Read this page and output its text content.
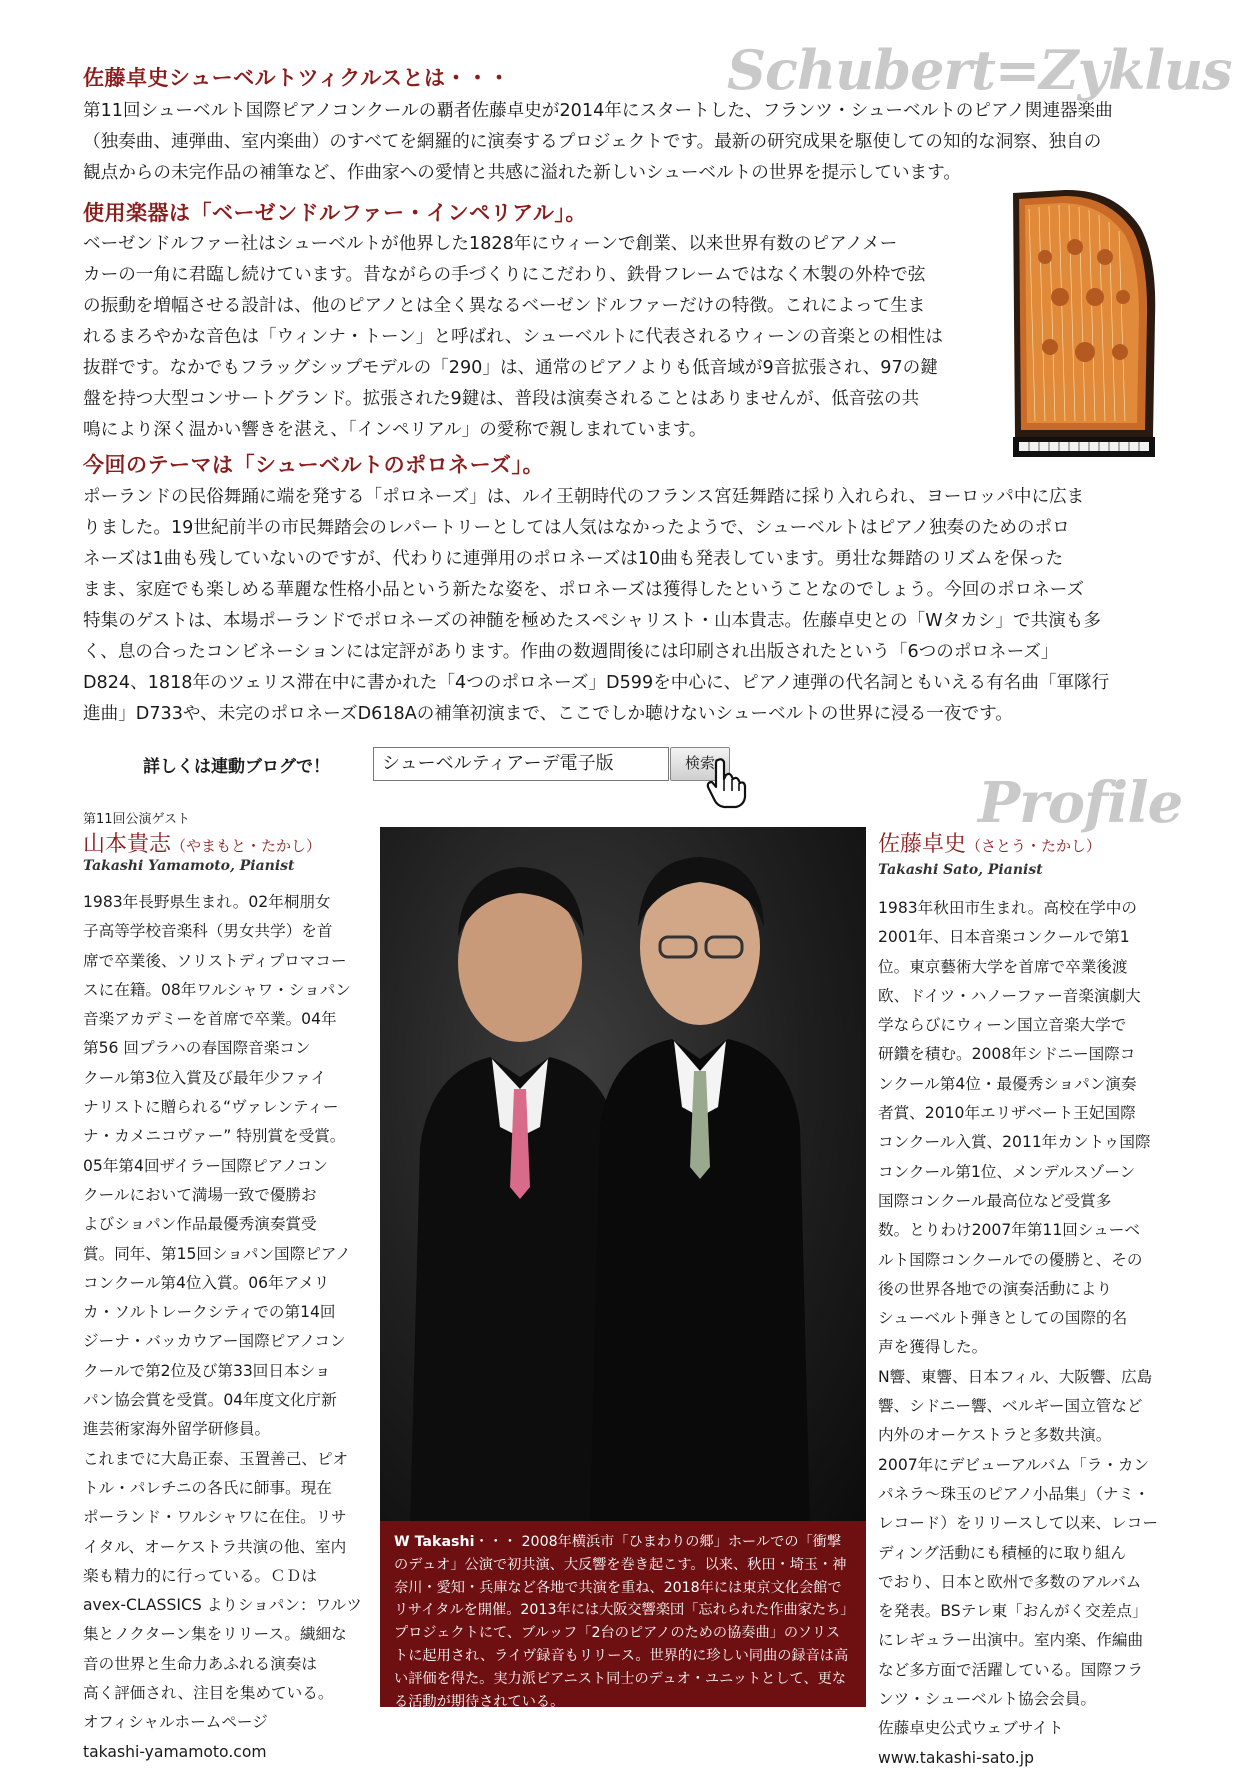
Schubert=Zyklus
Profile
佐藤卓史シューベルトツィクルスとは・・・
第11回シューベルト国際ピアノコンクールの覇者佐藤卓史が2014年にスタートした、フランツ・シューベルトのピアノ関連器楽曲
（独奏曲、連弾曲、室内楽曲）のすべてを網羅的に演奏するプロジェクトです。最新の研究成果を駆使しての知的な洞察、独自の
観点からの未完作品の補筆など、作曲家への愛情と共感に溢れた新しいシューベルトの世界を提示しています。
使用楽器は「ベーゼンドルファー・インペリアル」。
ベーゼンドルファー社はシューベルトが他界した1828年にウィーンで創業、以来世界有数のピアノメー
カーの一角に君臨し続けています。昔ながらの手づくりにこだわり、鉄骨フレームではなく木製の外枠で弦
の振動を増幅させる設計は、他のピアノとは全く異なるベーゼンドルファーだけの特徴。これによって生ま
れるまろやかな音色は「ウィンナ・トーン」と呼ばれ、シューベルトに代表されるウィーンの音楽との相性は
抜群です。なかでもフラッグシップモデルの「290」は、通常のピアノよりも低音域が9音拡張され、97の鍵
盤を持つ大型コンサートグランド。拡張された9鍵は、普段は演奏されることはありませんが、低音弦の共
鳴により深く温かい響きを湛え、「インペリアル」の愛称で親しまれています。
今回のテーマは「シューベルトのポロネーズ」。
ポーランドの民俗舞踊に端を発する「ポロネーズ」は、ルイ王朝時代のフランス宮廷舞踏に採り入れられ、ヨーロッパ中に広ま
りました。19世紀前半の市民舞踏会のレパートリーとしては人気はなかったようで、シューベルトはピアノ独奏のためのポロ
ネーズは1曲も残していないのですが、代わりに連弾用のポロネーズは10曲も発表しています。勇壮な舞踏のリズムを保った
まま、家庭でも楽しめる華麗な性格小品という新たな姿を、ポロネーズは獲得したということなのでしょう。今回のポロネーズ
特集のゲストは、本場ポーランドでポロネーズの神髄を極めたスペシャリスト・山本貴志。佐藤卓史との「Wタカシ」で共演も多
く、息の合ったコンビネーションには定評があります。作曲の数週間後には印刷され出版されたという「6つのポロネーズ」
D824、1818年のツェリス滞在中に書かれた「4つのポロネーズ」D599を中心に、ピアノ連弾の代名詞ともいえる有名曲「軍隊行
進曲」D733や、未完のポロネーズD618Aの補筆初演まで、ここでしか聴けないシューベルトの世界に浸る一夜です。
詳しくは連動ブログで！	シューベルティアーデ電子版	検索
第11回公演ゲスト
山本貴志（やまもと・たかし）
Takashi Yamamoto, Pianist
1983年長野県生まれ。02年桐朋女
子高等学校音楽科（男女共学）を首
席で卒業後、ソリストディプロマコー
スに在籍。08年ワルシャワ・ショパン
音楽アカデミーを首席で卒業。04年
第56 回プラハの春国際音楽コン
クール第3位入賞及び最年少ファイ
ナリストに贈られる“ヴァレンティー
ナ・カメニコヴァー” 特別賞を受賞。
05年第4回ザイラー国際ピアノコン
クールにおいて満場一致で優勝お
よびショパン作品最優秀演奏賞受
賞。同年、第15回ショパン国際ピアノ
コンクール第4位入賞。06年アメリ
カ・ソルトレークシティでの第14回
ジーナ・バッカウアー国際ピアノコン
クールで第2位及び第33回日本ショ
パン協会賞を受賞。04年度文化庁新
進芸術家海外留学研修員。
これまでに大島正泰、玉置善己、ピオ
トル・パレチニの各氏に師事。現在
ポーランド・ワルシャワに在住。リサ
イタル、オーケストラ共演の他、室内
楽も精力的に行っている。ＣＤは
avex-CLASSICS よりショパン：ワルツ
集とノクターン集をリリース。繊細な
音の世界と生命力あふれる演奏は
高く評価され、注目を集めている。
オフィシャルホームページ
takashi-yamamoto.com
W Takashi・・・ 2008年横浜市「ひまわりの郷」ホールでの「衝撃のデュオ」公演で初共演、大反響を巻き起こす。以来、秋田・埼玉・神奈川・愛知・兵庫など各地で共演を重ね、2018年には東京文化会館でリサイタルを開催。2013年には大阪交響楽団「忘れられた作曲家たち」プロジェクトにて、ブルッフ「2台のピアノのための協奏曲」のソリストに起用され、ライヴ録音もリリース。世界的に珍しい同曲の録音は高い評価を得た。実力派ピアニスト同士のデュオ・ユニットとして、更なる活動が期待されている。
佐藤卓史（さとう・たかし）
Takashi Sato, Pianist
1983年秋田市生まれ。高校在学中の
2001年、日本音楽コンクールで第1
位。東京藝術大学を首席で卒業後渡
欧、ドイツ・ハノーファー音楽演劇大
学ならびにウィーン国立音楽大学で
研鑽を積む。2008年シドニー国際コ
ンクール第4位・最優秀ショパン演奏
者賞、2010年エリザベート王妃国際
コンクール入賞、2011年カントゥ国際
コンクール第1位、メンデルスゾーン
国際コンクール最高位など受賞多
数。とりわけ2007年第11回シューベ
ルト国際コンクールでの優勝と、その
後の世界各地での演奏活動により
シューベルト弾きとしての国際的名
声を獲得した。
N響、東響、日本フィル、大阪響、広島
響、シドニー響、ベルギー国立管など
内外のオーケストラと多数共演。
2007年にデビューアルバム「ラ・カン
パネラ〜珠玉のピアノ小品集」（ナミ・
レコード）をリリースして以来、レコー
ディング活動にも積極的に取り組ん
でおり、日本と欧州で多数のアルバム
を発表。BSテレ東「おんがく交差点」
にレギュラー出演中。室内楽、作編曲
など多方面で活躍している。国際フラ
ンツ・シューベルト協会会員。
佐藤卓史公式ウェブサイト
www.takashi-sato.jp
